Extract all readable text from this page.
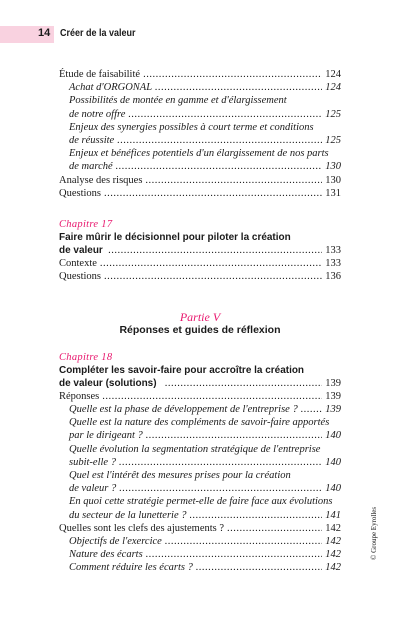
14 Créer de la valeur
Étude de faisabilité .....	124
Achat d'ORGONAL .....	124
Possibilités de montée en gamme et d'élargissement
de notre offre .....	125
Enjeux des synergies possibles à court terme et conditions
de réussite .....	125
Enjeux et bénéfices potentiels d'un élargissement de nos parts
de marché .....	130
Analyse des risques .....	130
Questions .....	131
Chapitre 17
Faire mûrir le décisionnel pour piloter la création
de valeur .....	133
Contexte .....	133
Questions .....	136
Partie V
Réponses et guides de réflexion
Chapitre 18
Compléter les savoir-faire pour accroître la création
de valeur (solutions) .....	139
Réponses .....	139
Quelle est la phase de développement de l'entreprise ? .....	139
Quelle est la nature des compléments de savoir-faire apportés
par le dirigeant ? .....	140
Quelle évolution la segmentation stratégique de l'entreprise
subit-elle ? .....	140
Quel est l'intérêt des mesures prises pour la création
de valeur ? .....	140
En quoi cette stratégie permet-elle de faire face aux évolutions
du secteur de la lunetterie ? .....	141
Quelles sont les clefs des ajustements ? .....	142
Objectifs de l'exercice .....	142
Nature des écarts .....	142
Comment réduire les écarts ? .....	142
© Groupe Eyrolles
